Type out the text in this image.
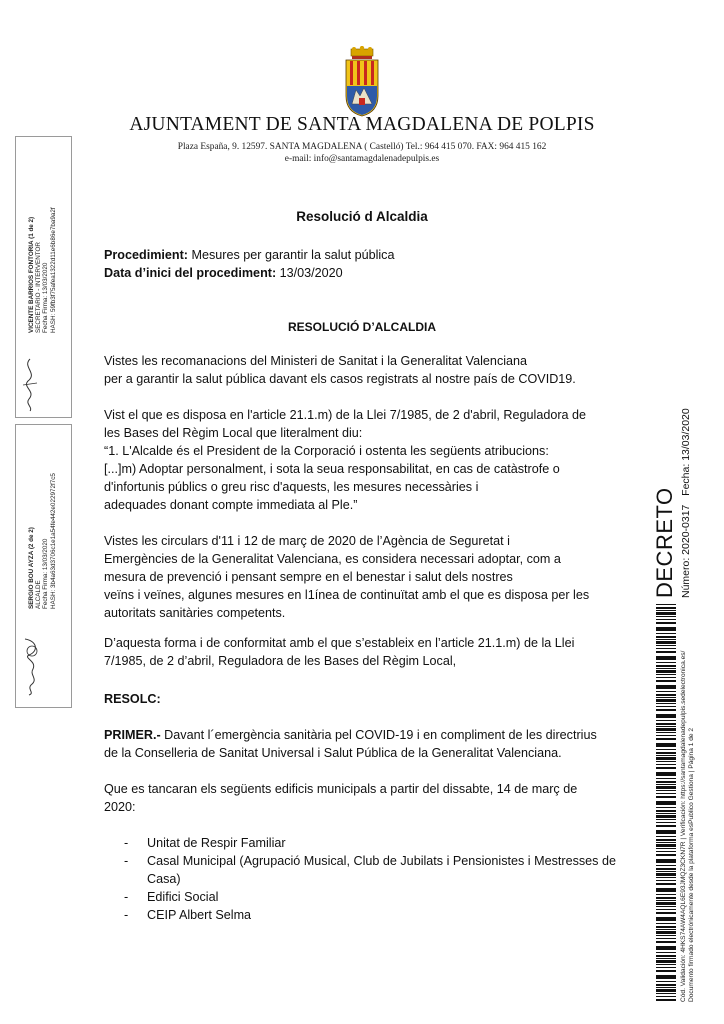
AJUNTAMENT DE SANTA MAGDALENA DE POLPIS
Plaza España, 9. 12597. SANTA MAGDALENA ( Castelló) Tel.: 964 415 070. FAX: 964 415 162
e-mail: info@santamagdalenadepulpis.es
Resolució d Alcaldia
Procedimient: Mesures per garantir la salut pública
Data d’inici del procediment: 13/03/2020
RESOLUCIÓ D’ALCALDIA
Vistes les recomanacions del Ministeri de Sanitat i la Generalitat Valenciana
per a garantir la salut pública davant els casos registrats al nostre país de COVID19.
Vist el que es disposa en l'article 21.1.m) de la Llei 7/1985, de 2 d'abril, Reguladora de
les Bases del Règim Local que literalment diu:
“1. L'Alcalde és el President de la Corporació i ostenta les següents atribucions:
[...]m) Adoptar personalment, i sota la seua responsabilitat, en cas de catàstrofe o
d'infortunis públics o greu risc d'aquests, les mesures necessàries i
adequades donant compte immediata al Ple.”
Vistes les circulars d'11 i 12 de març de 2020 de l’Agència de Seguretat i
Emergències de la Generalitat Valenciana, es considera necessari adoptar, com a
mesura de prevenció i pensant sempre en el benestar i salut dels nostres
veïns i veïnes, algunes mesures en l1ínea de continuïtat amb el que es disposa per les
autoritats sanitàries competents.
D’aquesta forma i de conformitat amb el que s’estableix en l’article 21.1.m) de la Llei
7/1985, de 2 d’abril, Reguladora de les Bases del Règim Local,
RESOLC:
PRIMER.- Davant l´emergència sanitària pel COVID-19 i en compliment de les directrius
de la Conselleria de Sanitat Universal i Salut Pública de la Generalitat Valenciana.
Que es tancaran els següents edificis municipals a partir del dissabte, 14 de març de
2020:
- Unitat de Respir Familiar
- Casal Municipal (Agrupació Musical, Club de Jubilats i Pensionistes i Mestresses de Casa)
- Edifici Social
- CEIP Albert Selma
VICENTE BARRIOS FONTORIA (1 de 2) SECRETARIO - INTERVENTOR Fecha Firma: 13/03/2020 HASH: 59fb3f75afea1322d11e6b86e7ba9a2f
SERGIO BOU AYZA (2 de 2) ALCALDE Fecha Firma: 13/03/2020 HASH: 3b4a63d3706c1e1a54fe442e022972f7c5	DECRETO Número: 2020-0317   Fecha: 13/03/2020
Cód. Validación: 4HKS74AW4AQL6E93JMQZ3CKN7R | Verificación: https://santamagdalenadepulpis.sedelectronica.es/ Documento firmado electrónicamente desde la plataforma esPublico Gestiona | Página 1 de 2
